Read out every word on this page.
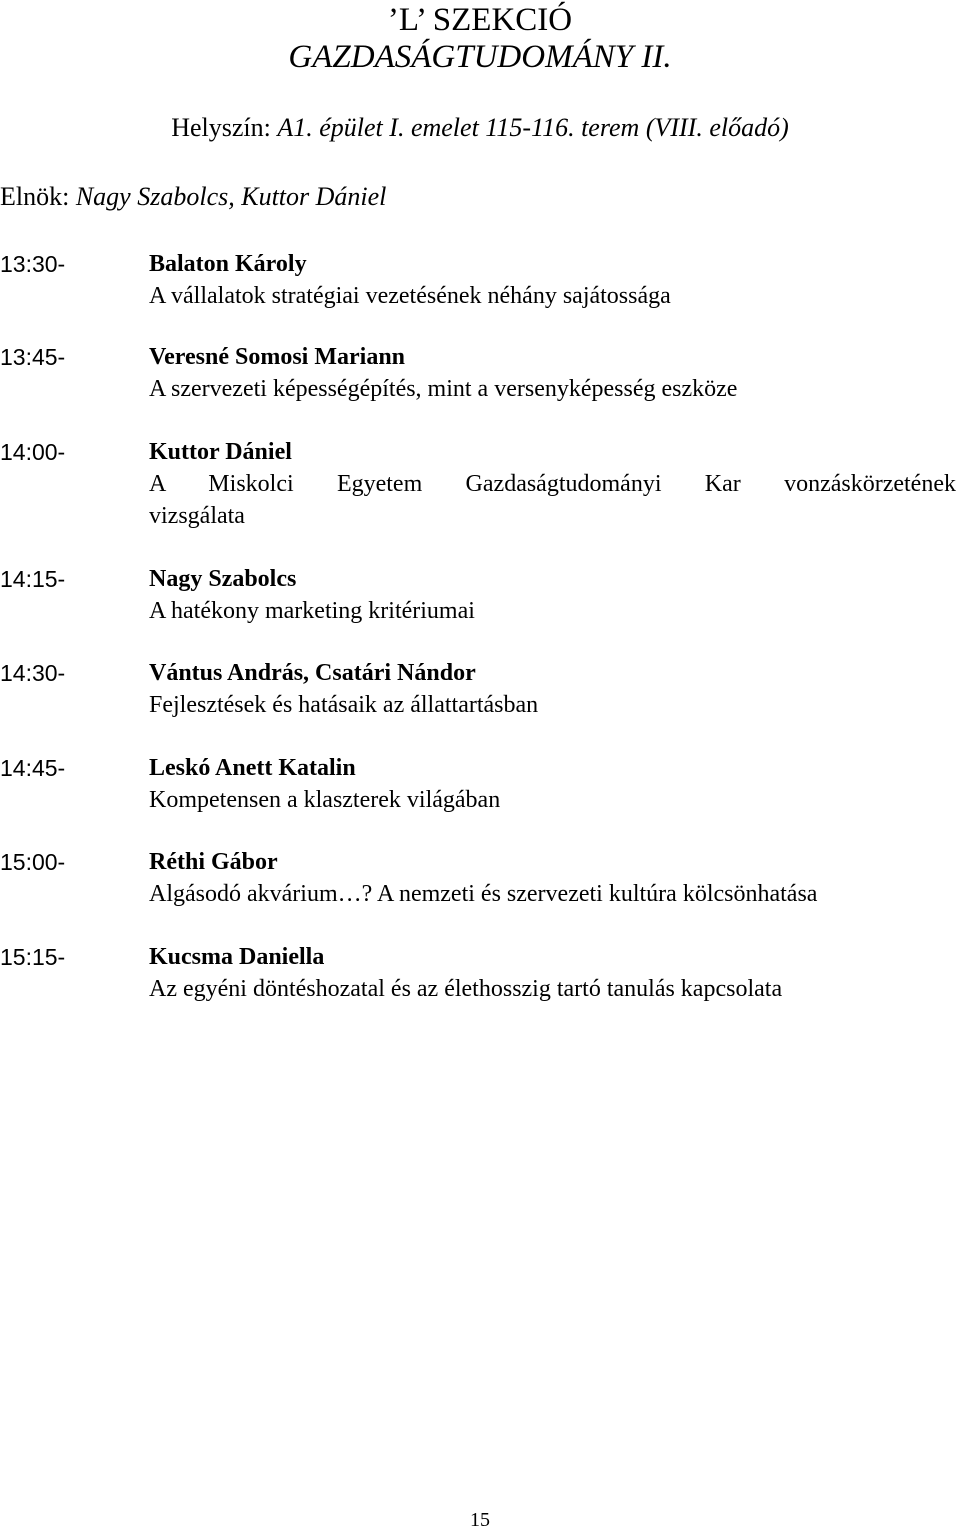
’L’ SZEKCIÓ
GAZDASÁGTUDOMÁNY II.
Helyszín: A1. épület I. emelet 115-116. terem (VIII. előadó)
Elnök: Nagy Szabolcs, Kuttor Dániel
13:30-	Balaton Károly
A vállalatok stratégiai vezetésének néhány sajátossága
13:45-	Veresné Somosi Mariann
A szervezeti képességépítés, mint a versenyképesség eszköze
14:00-	Kuttor Dániel
A Miskolci Egyetem Gazdaságtudományi Kar vonzáskörzetének
vizsgálata
14:15-	Nagy Szabolcs
A hatékony marketing kritériumai
14:30-	Vántus András, Csatári Nándor
Fejlesztések és hatásaik az állattartásban
14:45-	Leskó Anett Katalin
Kompetensen a klaszterek világában
15:00-	Réthi Gábor
Algásodó akvárium…? A nemzeti és szervezeti kultúra kölcsönhatása
15:15-	Kucsma Daniella
Az egyéni döntéshozatal és az élethosszig tartó tanulás kapcsolata
15
